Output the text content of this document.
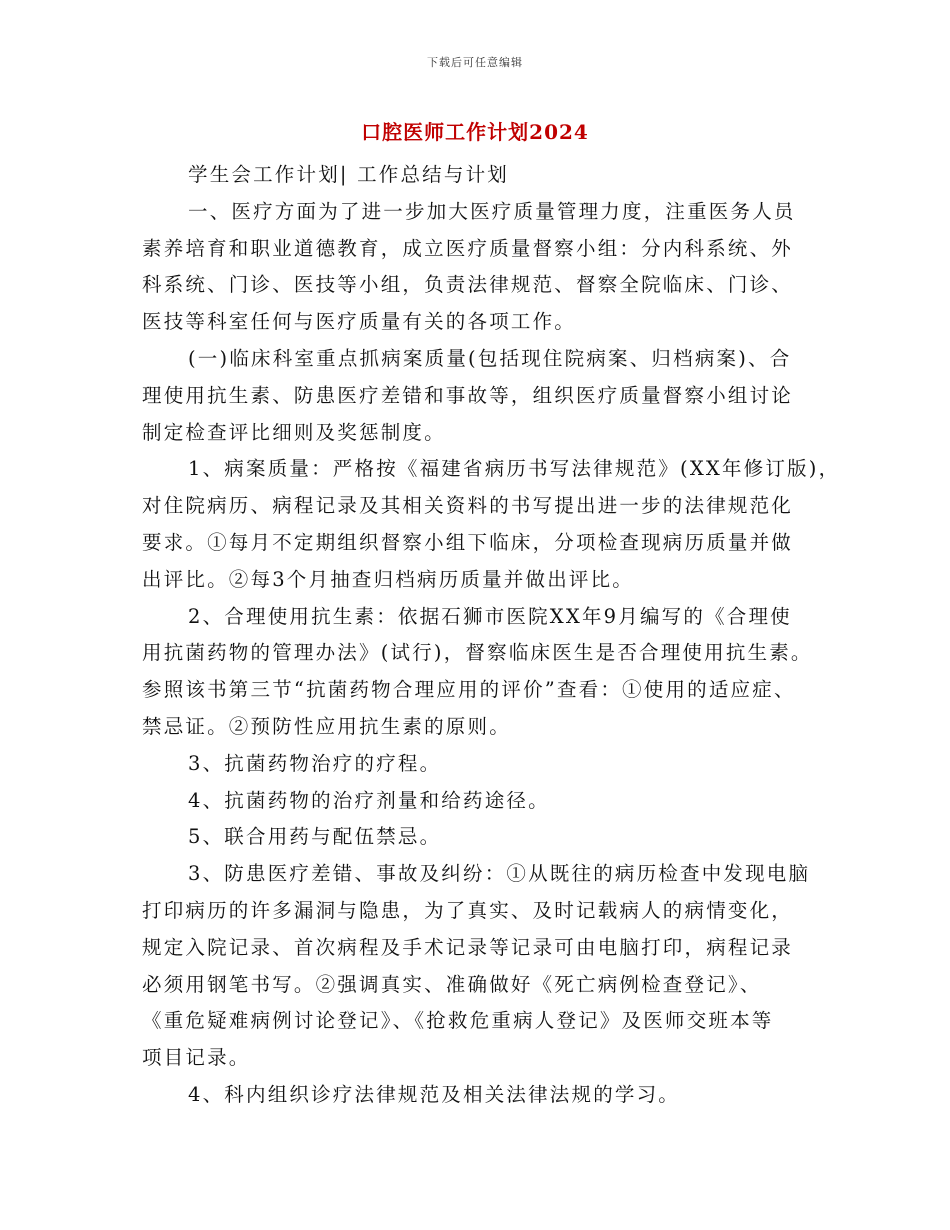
下载后可任意编辑
口腔医师工作计划2024
学生会工作计划| 工作总结与计划
一、医疗方面为了进一步加大医疗质量管理力度，注重医务人员
素养培育和职业道德教育，成立医疗质量督察小组：分内科系统、外
科系统、门诊、医技等小组，负责法律规范、督察全院临床、门诊、
医技等科室任何与医疗质量有关的各项工作。
(一)临床科室重点抓病案质量(包括现住院病案、归档病案)、合
理使用抗生素、防患医疗差错和事故等，组织医疗质量督察小组讨论
制定检查评比细则及奖惩制度。
1、病案质量：严格按《福建省病历书写法律规范》(XX年修订版)，
对住院病历、病程记录及其相关资料的书写提出进一步的法律规范化
要求。①每月不定期组织督察小组下临床，分项检查现病历质量并做
出评比。②每3个月抽查归档病历质量并做出评比。
2、合理使用抗生素：依据石狮市医院XX年9月编写的《合理使
用抗菌药物的管理办法》(试行)，督察临床医生是否合理使用抗生素。
参照该书第三节“抗菌药物合理应用的评价”查看：①使用的适应症、
禁忌证。②预防性应用抗生素的原则。
3、抗菌药物治疗的疗程。
4、抗菌药物的治疗剂量和给药途径。
5、联合用药与配伍禁忌。
3、防患医疗差错、事故及纠纷：①从既往的病历检查中发现电脑
打印病历的许多漏洞与隐患，为了真实、及时记载病人的病情变化，
规定入院记录、首次病程及手术记录等记录可由电脑打印，病程记录
必须用钢笔书写。②强调真实、准确做好《死亡病例检查登记》、
《重危疑难病例讨论登记》、《抢救危重病人登记》及医师交班本等
项目记录。
4、科内组织诊疗法律规范及相关法律法规的学习。
